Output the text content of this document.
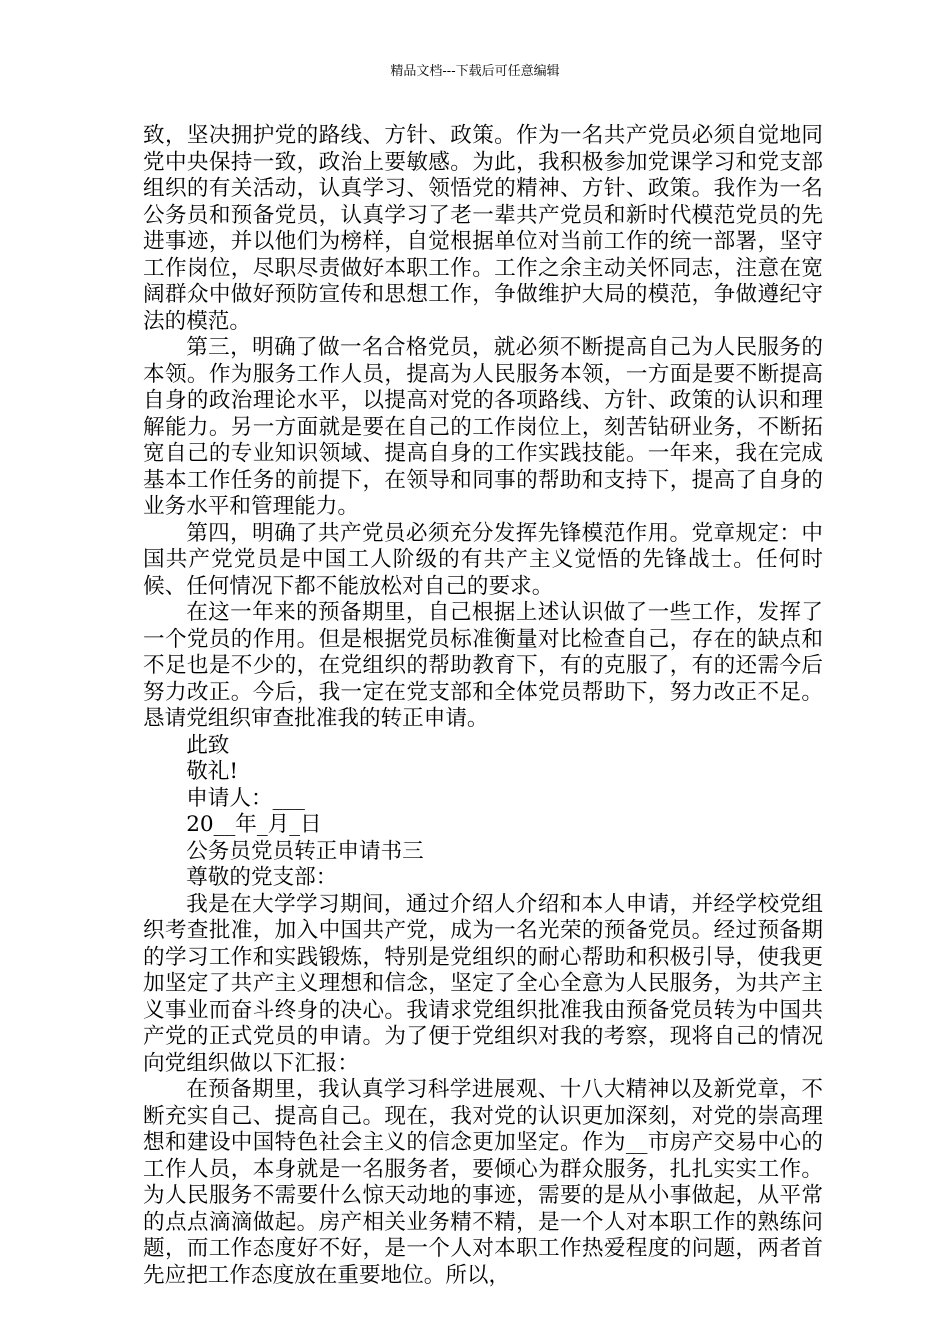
精品文档---下载后可任意编辑

致，坚决拥护党的路线、方针、政策。作为一名共产党员必须自觉地同党中央保持一致，政治上要敏感。为此，我积极参加党课学习和党支部组织的有关活动，认真学习、领悟党的精神、方针、政策。我作为一名公务员和预备党员，认真学习了老一辈共产党员和新时代模范党员的先进事迹，并以他们为榜样，自觉根据单位对当前工作的统一部署，坚守工作岗位，尽职尽责做好本职工作。工作之余主动关怀同志，注意在宽阔群众中做好预防宣传和思想工作，争做维护大局的模范，争做遵纪守法的模范。

第三，明确了做一名合格党员，就必须不断提高自己为人民服务的本领。作为服务工作人员，提高为人民服务本领，一方面是要不断提高自身的政治理论水平，以提高对党的各项路线、方针、政策的认识和理解能力。另一方面就是要在自己的工作岗位上，刻苦钻研业务，不断拓宽自己的专业知识领域、提高自身的工作实践技能。一年来，我在完成基本工作任务的前提下，在领导和同事的帮助和支持下，提高了自身的业务水平和管理能力。

第四，明确了共产党员必须充分发挥先锋模范作用。党章规定：中国共产党党员是中国工人阶级的有共产主义觉悟的先锋战士。任何时候、任何情况下都不能放松对自己的要求。

在这一年来的预备期里，自己根据上述认识做了一些工作，发挥了一个党员的作用。但是根据党员标准衡量对比检查自己，存在的缺点和不足也是不少的，在党组织的帮助教育下，有的克服了，有的还需今后努力改正。今后，我一定在党支部和全体党员帮助下，努力改正不足。恳请党组织审查批准我的转正申请。

此致

敬礼!

申请人：___

20__年_月_日

公务员党员转正申请书三

尊敬的党支部：

我是在大学学习期间，通过介绍人介绍和本人申请，并经学校党组织考查批准，加入中国共产党，成为一名光荣的预备党员。经过预备期的学习工作和实践锻炼，特别是党组织的耐心帮助和积极引导，使我更加坚定了共产主义理想和信念，坚定了全心全意为人民服务，为共产主义事业而奋斗终身的决心。我请求党组织批准我由预备党员转为中国共产党的正式党员的申请。为了便于党组织对我的考察，现将自己的情况向党组织做以下汇报：

在预备期里，我认真学习科学进展观、十八大精神以及新党章，不断充实自己、提高自己。现在，我对党的认识更加深刻，对党的崇高理想和建设中国特色社会主义的信念更加坚定。作为__市房产交易中心的工作人员，本身就是一名服务者，要倾心为群众服务，扎扎实实工作。为人民服务不需要什么惊天动地的事迹，需要的是从小事做起，从平常的点点滴滴做起。房产相关业务精不精，是一个人对本职工作的熟练问题，而工作态度好不好，是一个人对本职工作热爱程度的问题，两者首先应把工作态度放在重要地位。所以，
